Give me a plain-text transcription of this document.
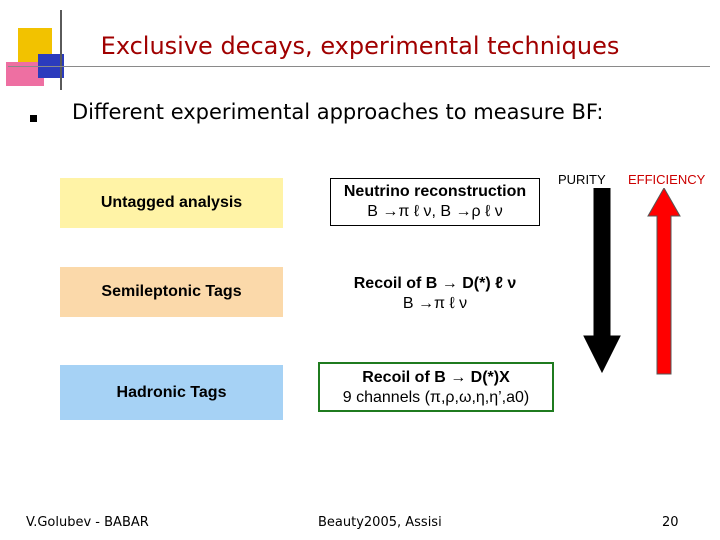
Exclusive decays, experimental techniques
Different experimental approaches to measure BF:
Untagged analysis
Semileptonic Tags
Hadronic Tags
Neutrino reconstruction
B →π ℓ ν, B →ρ ℓ ν
Recoil of B → D(*) ℓ ν
B →π ℓ ν
Recoil of B → D(*)X
9 channels (π,ρ,ω,η,η’,a0)
PURITY EFFICIENCY
V.Golubev - BABAR	Beauty2005, Assisi	20
